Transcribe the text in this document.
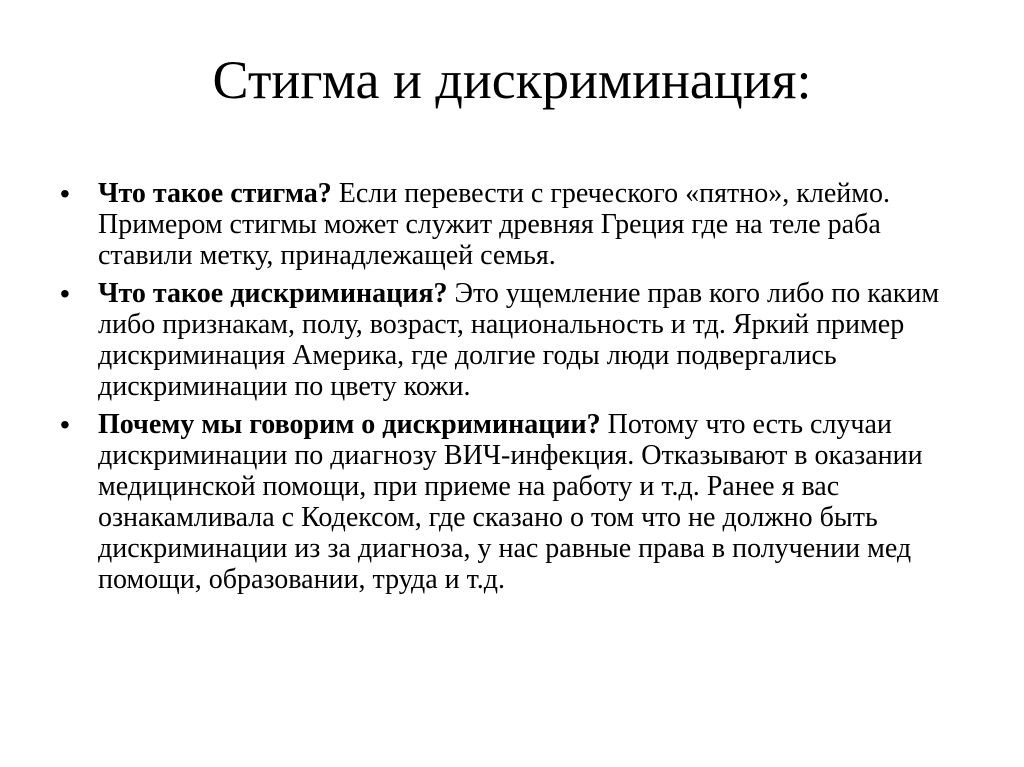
Стигма и дискриминация:
•	Что такое стигма? Если перевести с греческого «пятно», клеймо. Примером стигмы может служит древняя Греция где на теле раба ставили метку, принадлежащей семья.
•	Что такое дискриминация? Это ущемление прав кого либо по каким либо признакам, полу, возраст, национальность и тд. Яркий пример дискриминация Америка, где долгие годы люди подвергались дискриминации по цвету кожи.
•	Почему мы говорим о дискриминации? Потому что есть случаи дискриминации по диагнозу ВИЧ-инфекция. Отказывают в оказании медицинской помощи, при приеме на работу и т.д. Ранее я вас ознакамливала с Кодексом, где сказано о том что не должно быть дискриминации из за диагноза, у нас равные права в получении мед помощи, образовании, труда и т.д.
